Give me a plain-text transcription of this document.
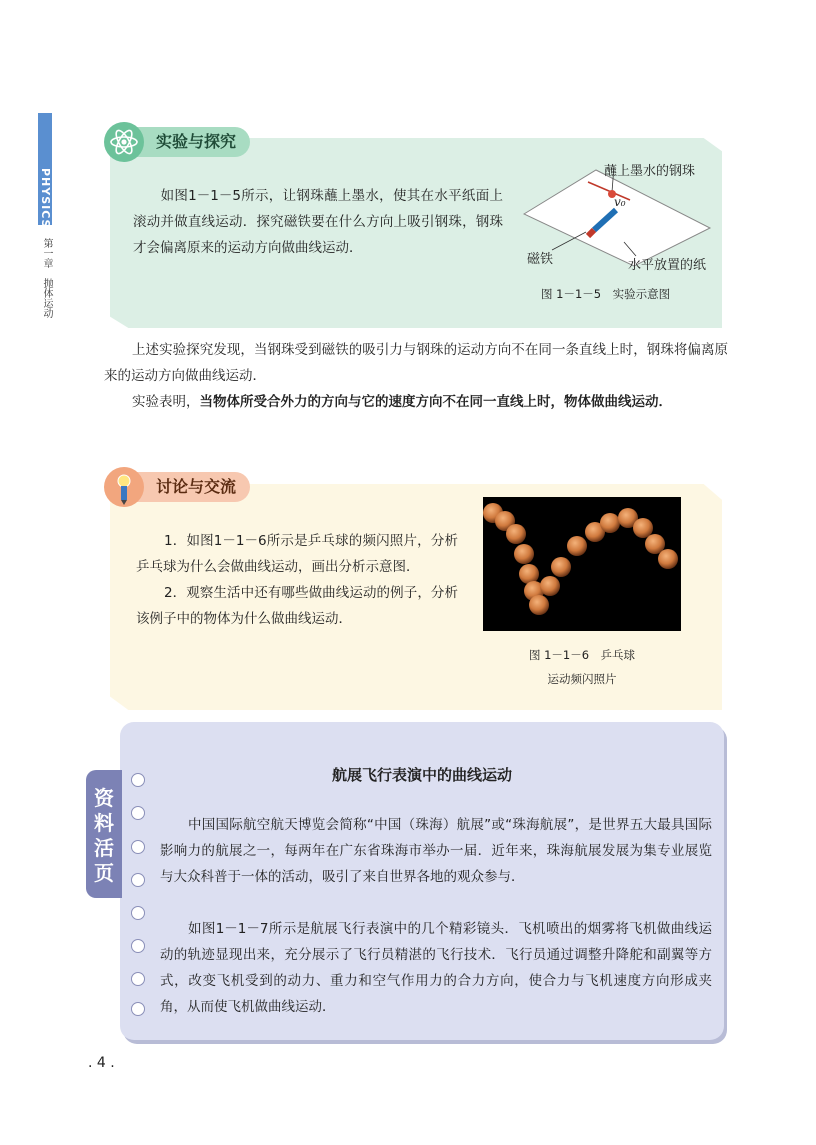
PHYSICS
第一章　抛体运动
实验与探究
　　如图1－1－5所示，让钢珠蘸上墨水，使其在水平纸面上滚动并做直线运动．探究磁铁要在什么方向上吸引钢珠，钢珠才会偏离原来的运动方向做曲线运动．
蘸上墨水的钢珠
v₀
磁铁	水平放置的纸
图 1－1－5　实验示意图
上述实验探究发现，当钢珠受到磁铁的吸引力与钢珠的运动方向不在同一条直线上时，钢珠将偏离原来的运动方向做曲线运动．
实验表明，当物体所受合外力的方向与它的速度方向不在同一直线上时，物体做曲线运动．
讨论与交流
1．如图1－1－6所示是乒乓球的频闪照片，分析乒乓球为什么会做曲线运动，画出分析示意图．
2．观察生活中还有哪些做曲线运动的例子，分析该例子中的物体为什么做曲线运动．
图 1－1－6　乒乓球
运动频闪照片
资料活页
航展飞行表演中的曲线运动
中国国际航空航天博览会简称“中国（珠海）航展”或“珠海航展”，是世界五大最具国际影响力的航展之一，每两年在广东省珠海市举办一届．近年来，珠海航展发展为集专业展览与大众科普于一体的活动，吸引了来自世界各地的观众参与．
如图1－1－7所示是航展飞行表演中的几个精彩镜头．飞机喷出的烟雾将飞机做曲线运动的轨迹显现出来，充分展示了飞行员精湛的飞行技术．飞行员通过调整升降舵和副翼等方式，改变飞机受到的动力、重力和空气作用力的合力方向，使合力与飞机速度方向形成夹角，从而使飞机做曲线运动．
. 4 .
